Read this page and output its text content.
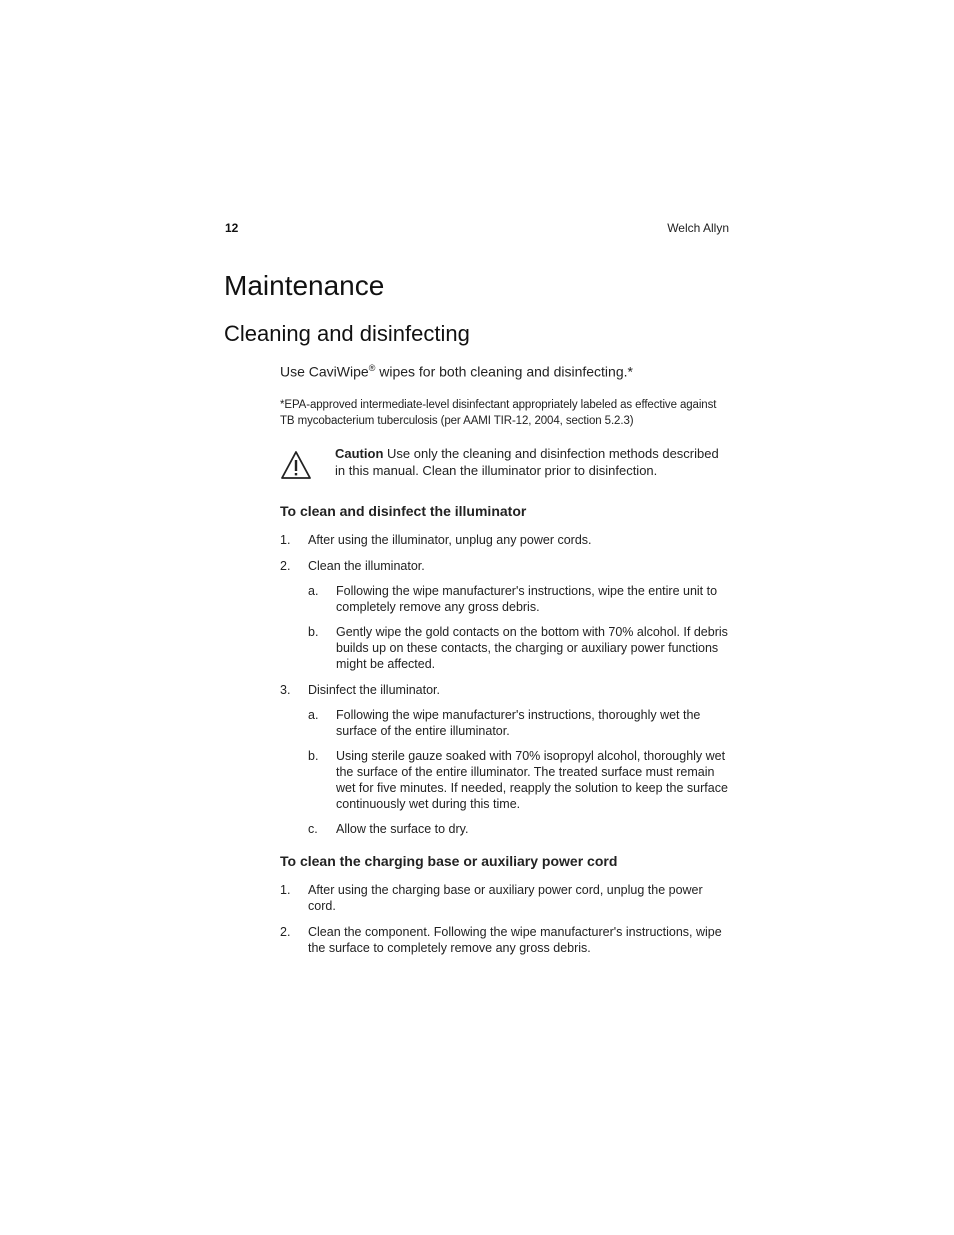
12	Welch Allyn
Maintenance
Cleaning and disinfecting

Use CaviWipe® wipes for both cleaning and disinfecting.*

*EPA-approved intermediate-level disinfectant appropriately labeled as effective against TB mycobacterium tuberculosis (per AAMI TIR-12, 2004, section 5.2.3)

Caution Use only the cleaning and disinfection methods described in this manual. Clean the illuminator prior to disinfection.
To clean and disinfect the illuminator
1. After using the illuminator, unplug any power cords.
2. Clean the illuminator.
a. Following the wipe manufacturer's instructions, wipe the entire unit to completely remove any gross debris.
b. Gently wipe the gold contacts on the bottom with 70% alcohol. If debris builds up on these contacts, the charging or auxiliary power functions might be affected.
3. Disinfect the illuminator.
a. Following the wipe manufacturer's instructions, thoroughly wet the surface of the entire illuminator.
b. Using sterile gauze soaked with 70% isopropyl alcohol, thoroughly wet the surface of the entire illuminator. The treated surface must remain wet for five minutes. If needed, reapply the solution to keep the surface continuously wet during this time.
c. Allow the surface to dry.
To clean the charging base or auxiliary power cord
1. After using the charging base or auxiliary power cord, unplug the power cord.
2. Clean the component. Following the wipe manufacturer's instructions, wipe the surface to completely remove any gross debris.
